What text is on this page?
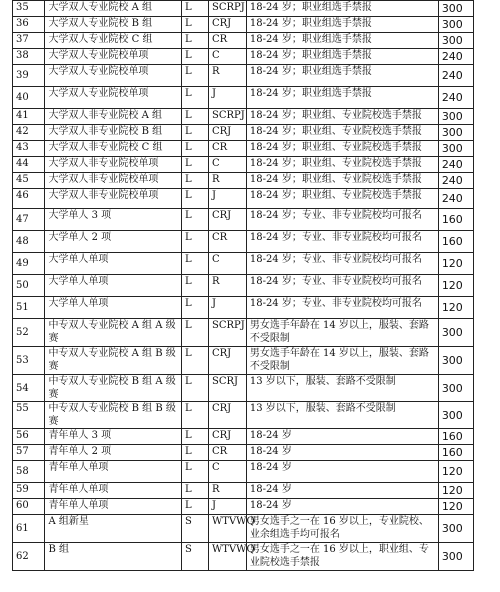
35	大学双人专业院校 A 组	L	SCRPJ	18-24 岁；职业组选手禁报	300
36	大学双人专业院校 B 组	L	CRJ	18-24 岁；职业组选手禁报	300
37	大学双人专业院校 C 组	L	CR	18-24 岁；职业组选手禁报	300
38	大学双人专业院校单项	L	C	18-24 岁；职业组选手禁报	240
39	大学双人专业院校单项	L	R	18-24 岁；职业组选手禁报	240
40	大学双人专业院校单项	L	J	18-24 岁；职业组选手禁报	240
41	大学双人非专业院校 A 组	L	SCRPJ	18-24 岁；职业组、专业院校选手禁报	300
42	大学双人非专业院校 B 组	L	CRJ	18-24 岁；职业组、专业院校选手禁报	300
43	大学双人非专业院校 C 组	L	CR	18-24 岁；职业组、专业院校选手禁报	300
44	大学双人非专业院校单项	L	C	18-24 岁；职业组、专业院校选手禁报	240
45	大学双人非专业院校单项	L	R	18-24 岁；职业组、专业院校选手禁报	240
46	大学双人非专业院校单项	L	J	18-24 岁；职业组、专业院校选手禁报	240
47	大学单人 3 项	L	CRJ	18-24 岁；专业、非专业院校均可报名	160
48	大学单人 2 项	L	CR	18-24 岁；专业、非专业院校均可报名	160
49	大学单人单项	L	C	18-24 岁；专业、非专业院校均可报名	120
50	大学单人单项	L	R	18-24 岁；专业、非专业院校均可报名	120
51	大学单人单项	L	J	18-24 岁；专业、非专业院校均可报名	120
52	中专双人专业院校 A 组 A 级赛	L	SCRPJ	男女选手年龄在 14 岁以上，服装、套路不受限制	300
53	中专双人专业院校 A 组 B 级赛	L	CRJ	男女选手年龄在 14 岁以上，服装、套路不受限制	300
54	中专双人专业院校 B 组 A 级赛	L	SCRJ	13 岁以下，服装、套路不受限制	300
55	中专双人专业院校 B 组 B 级赛	L	CRJ	13 岁以下，服装、套路不受限制	300
56	青年单人 3 项	L	CRJ	18-24 岁	160
57	青年单人 2 项	L	CR	18-24 岁	160
58	青年单人单项	L	C	18-24 岁	120
59	青年单人单项	L	R	18-24 岁	120
60	青年单人单项	L	J	18-24 岁	120
61	A 组新星	S	WTVWQ	男女选手之一在 16 岁以上，专业院校、业余组选手均可报名	300
62	B 组	S	WTVWQ	男女选手之一在 16 岁以上，职业组、专业院校选手禁报	300
